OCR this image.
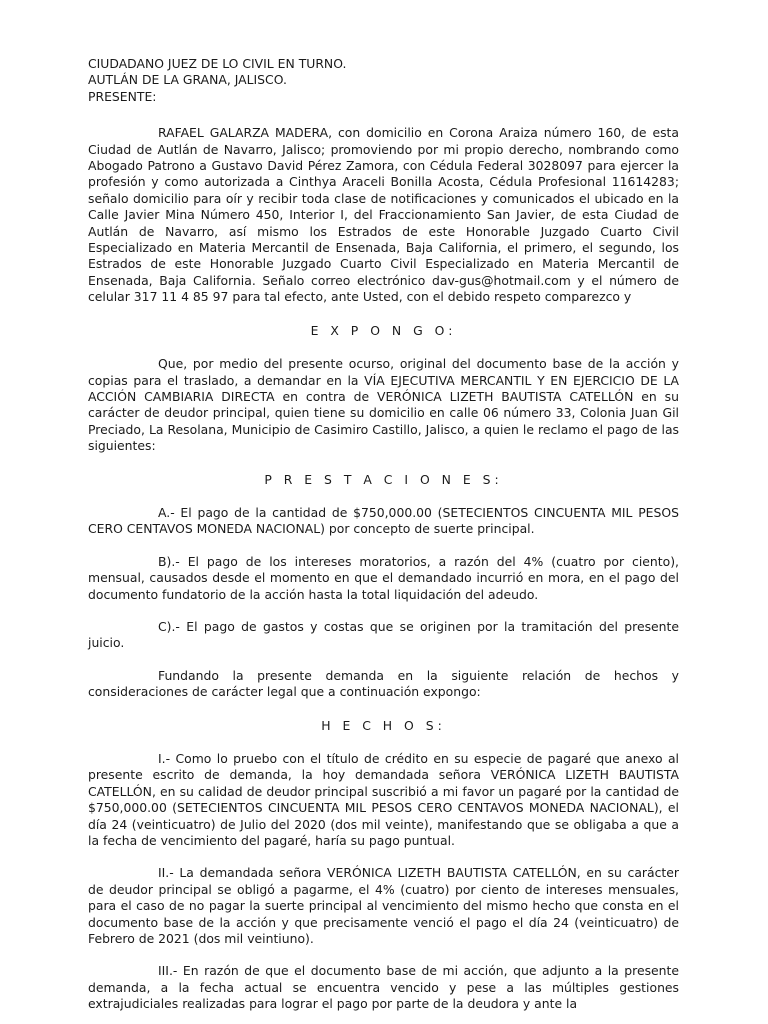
CIUDADANO JUEZ DE LO CIVIL EN TURNO.

AUTLÁN DE LA GRANA, JALISCO.

PRESENTE:

RAFAEL GALARZA MADERA, con domicilio en Corona Araiza número 160, de esta Ciudad de Autlán de Navarro, Jalisco; promoviendo por mi propio derecho, nombrando como Abogado Patrono a Gustavo David Pérez Zamora, con Cédula Federal 3028097 para ejercer la profesión y como autorizada a Cinthya Araceli Bonilla Acosta, Cédula Profesional 11614283; señalo domicilio para oír y recibir toda clase de notificaciones y comunicados el ubicado en la Calle Javier Mina Número 450, Interior I, del Fraccionamiento San Javier, de esta Ciudad de Autlán de Navarro, así mismo los Estrados de este Honorable Juzgado Cuarto Civil Especializado en Materia Mercantil de Ensenada, Baja California, el primero, el segundo, los Estrados de este Honorable Juzgado Cuarto Civil Especializado en Materia Mercantil de Ensenada, Baja California. Señalo correo electrónico dav-gus@hotmail.com y el número de celular 317 11 4 85 97 para tal efecto, ante Usted, con el debido respeto comparezco y

E X P O N G O:

Que, por medio del presente ocurso, original del documento base de la acción y copias para el traslado, a demandar en la VÍA EJECUTIVA MERCANTIL Y EN EJERCICIO DE LA ACCIÓN CAMBIARIA DIRECTA en contra de VERÓNICA LIZETH BAUTISTA CATELLÓN en su carácter de deudor principal, quien tiene su domicilio en calle 06 número 33, Colonia Juan Gil Preciado, La Resolana, Municipio de Casimiro Castillo, Jalisco, a quien le reclamo el pago de las siguientes:

P R E S T A C I O N E S:

A.- El pago de la cantidad de $750,000.00 (SETECIENTOS CINCUENTA MIL PESOS CERO CENTAVOS MONEDA NACIONAL) por concepto de suerte principal.

B).- El pago de los intereses moratorios, a razón del 4% (cuatro por ciento), mensual, causados desde el momento en que el demandado incurrió en mora, en el pago del documento fundatorio de la acción hasta la total liquidación del adeudo.

C).- El pago de gastos y costas que se originen por la tramitación del presente juicio.

Fundando la presente demanda en la siguiente relación de hechos y consideraciones de carácter legal que a continuación expongo:

H E C H O S:

I.- Como lo pruebo con el título de crédito en su especie de pagaré que anexo al presente escrito de demanda, la hoy demandada señora VERÓNICA LIZETH BAUTISTA CATELLÓN, en su calidad de deudor principal suscribió a mi favor un pagaré por la cantidad de $750,000.00 (SETECIENTOS CINCUENTA MIL PESOS CERO CENTAVOS MONEDA NACIONAL), el día 24 (veinticuatro) de Julio del 2020 (dos mil veinte), manifestando que se obligaba a que a la fecha de vencimiento del pagaré, haría su pago puntual.

II.- La demandada señora VERÓNICA LIZETH BAUTISTA CATELLÓN, en su carácter de deudor principal se obligó a pagarme, el 4% (cuatro) por ciento de intereses mensuales, para el caso de no pagar la suerte principal al vencimiento del mismo hecho que consta en el documento base de la acción y que precisamente venció el pago el día 24 (veinticuatro) de Febrero de 2021 (dos mil veintiuno).

III.- En razón de que el documento base de mi acción, que adjunto a la presente demanda, a la fecha actual se encuentra vencido y pese a las múltiples gestiones extrajudiciales realizadas para lograr el pago por parte de la deudora y ante la
